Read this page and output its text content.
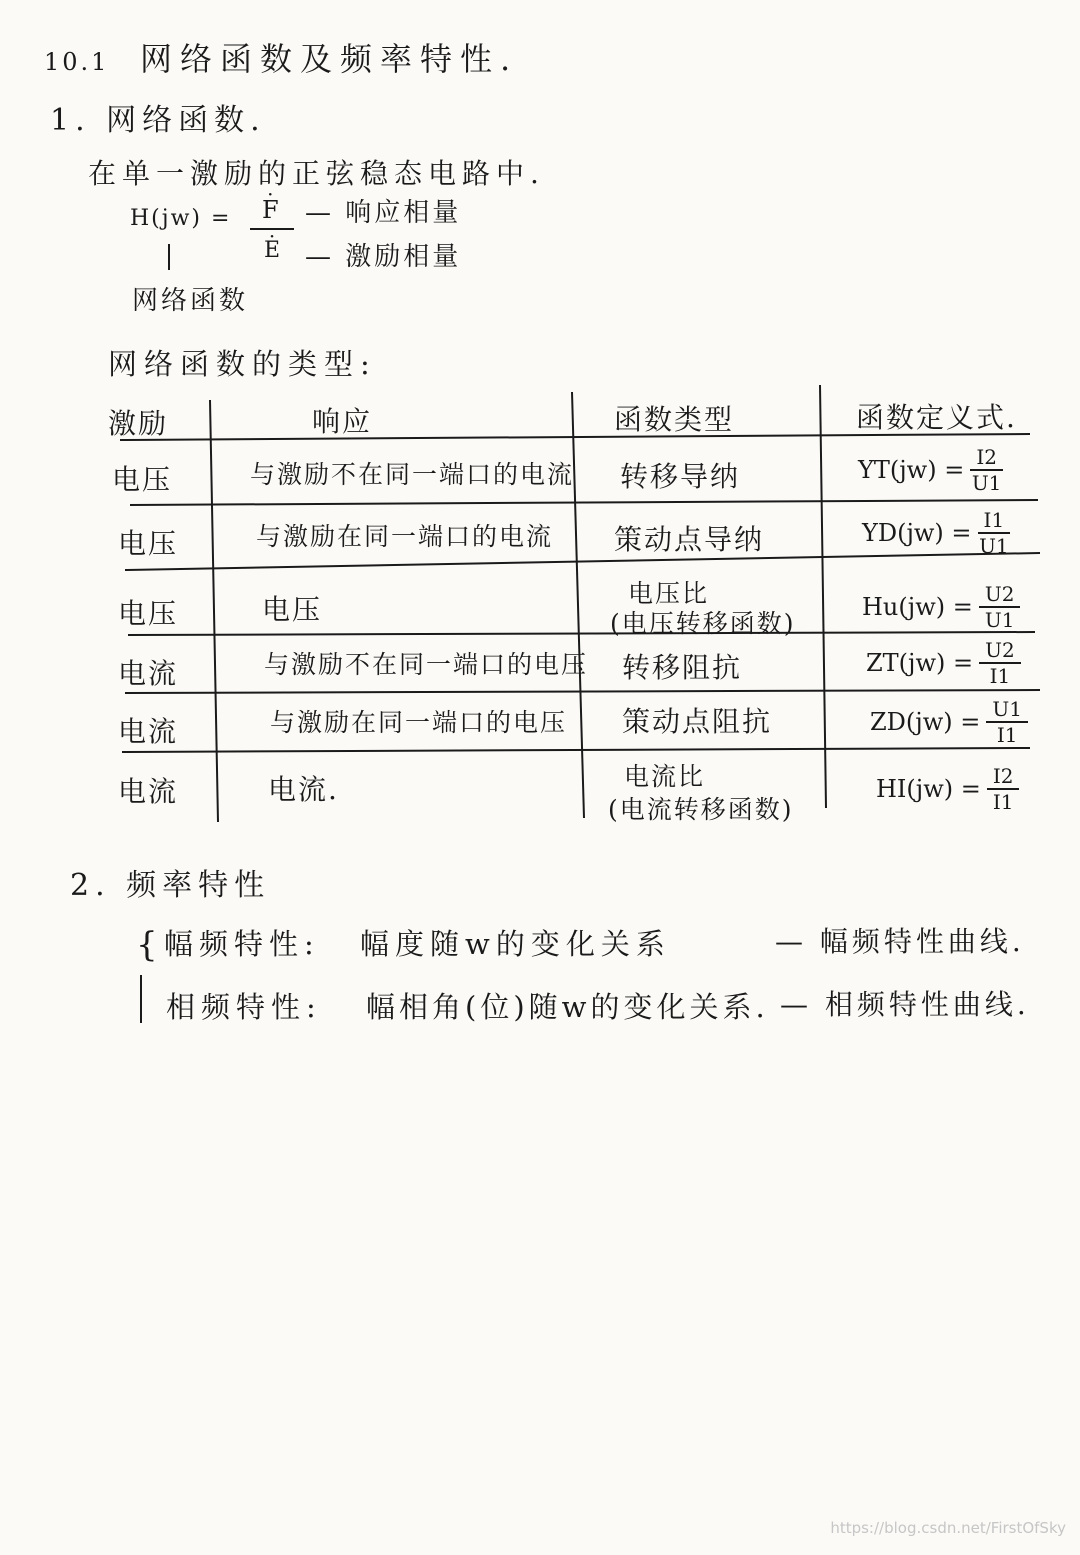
10.1 网络函数及频率特性.
1. 网络函数.
在单一激励的正弦稳态电路中.
H(jw) =
· F
· E
— 响应相量
— 激励相量
网络函数
网络函数的类型:
激励	响应	函数类型	函数定义式.
电压	与激励不在同一端口的电流 转移导纳	$YT(jw) = \frac{I2}{U1}$
电压	与激励在同一端口的电流 策动点导纳	$YD(jw) = \frac{I1}{U1}$
电压	电压	电压比
(电压转移函数)
$Hu(jw) = \frac{U2}{U1}$
电流	与激励不在同一端口的电压 转移阻抗	$ZT(jw) = \frac{U2}{I1}$
电流	与激励在同一端口的电压 策动点阻抗	$ZD(jw) = \frac{U1}{I1}$
电流	电流.	电流比
(电流转移函数)
$HI(jw) = \frac{I2}{I1}$
2. 频率特性
{ 幅频特性: 幅度随w的变化关系	— 幅频特性曲线.
相频特性: 幅相角(位)随w的变化关系. — 相频特性曲线.
https://blog.csdn.net/FirstOfSky
